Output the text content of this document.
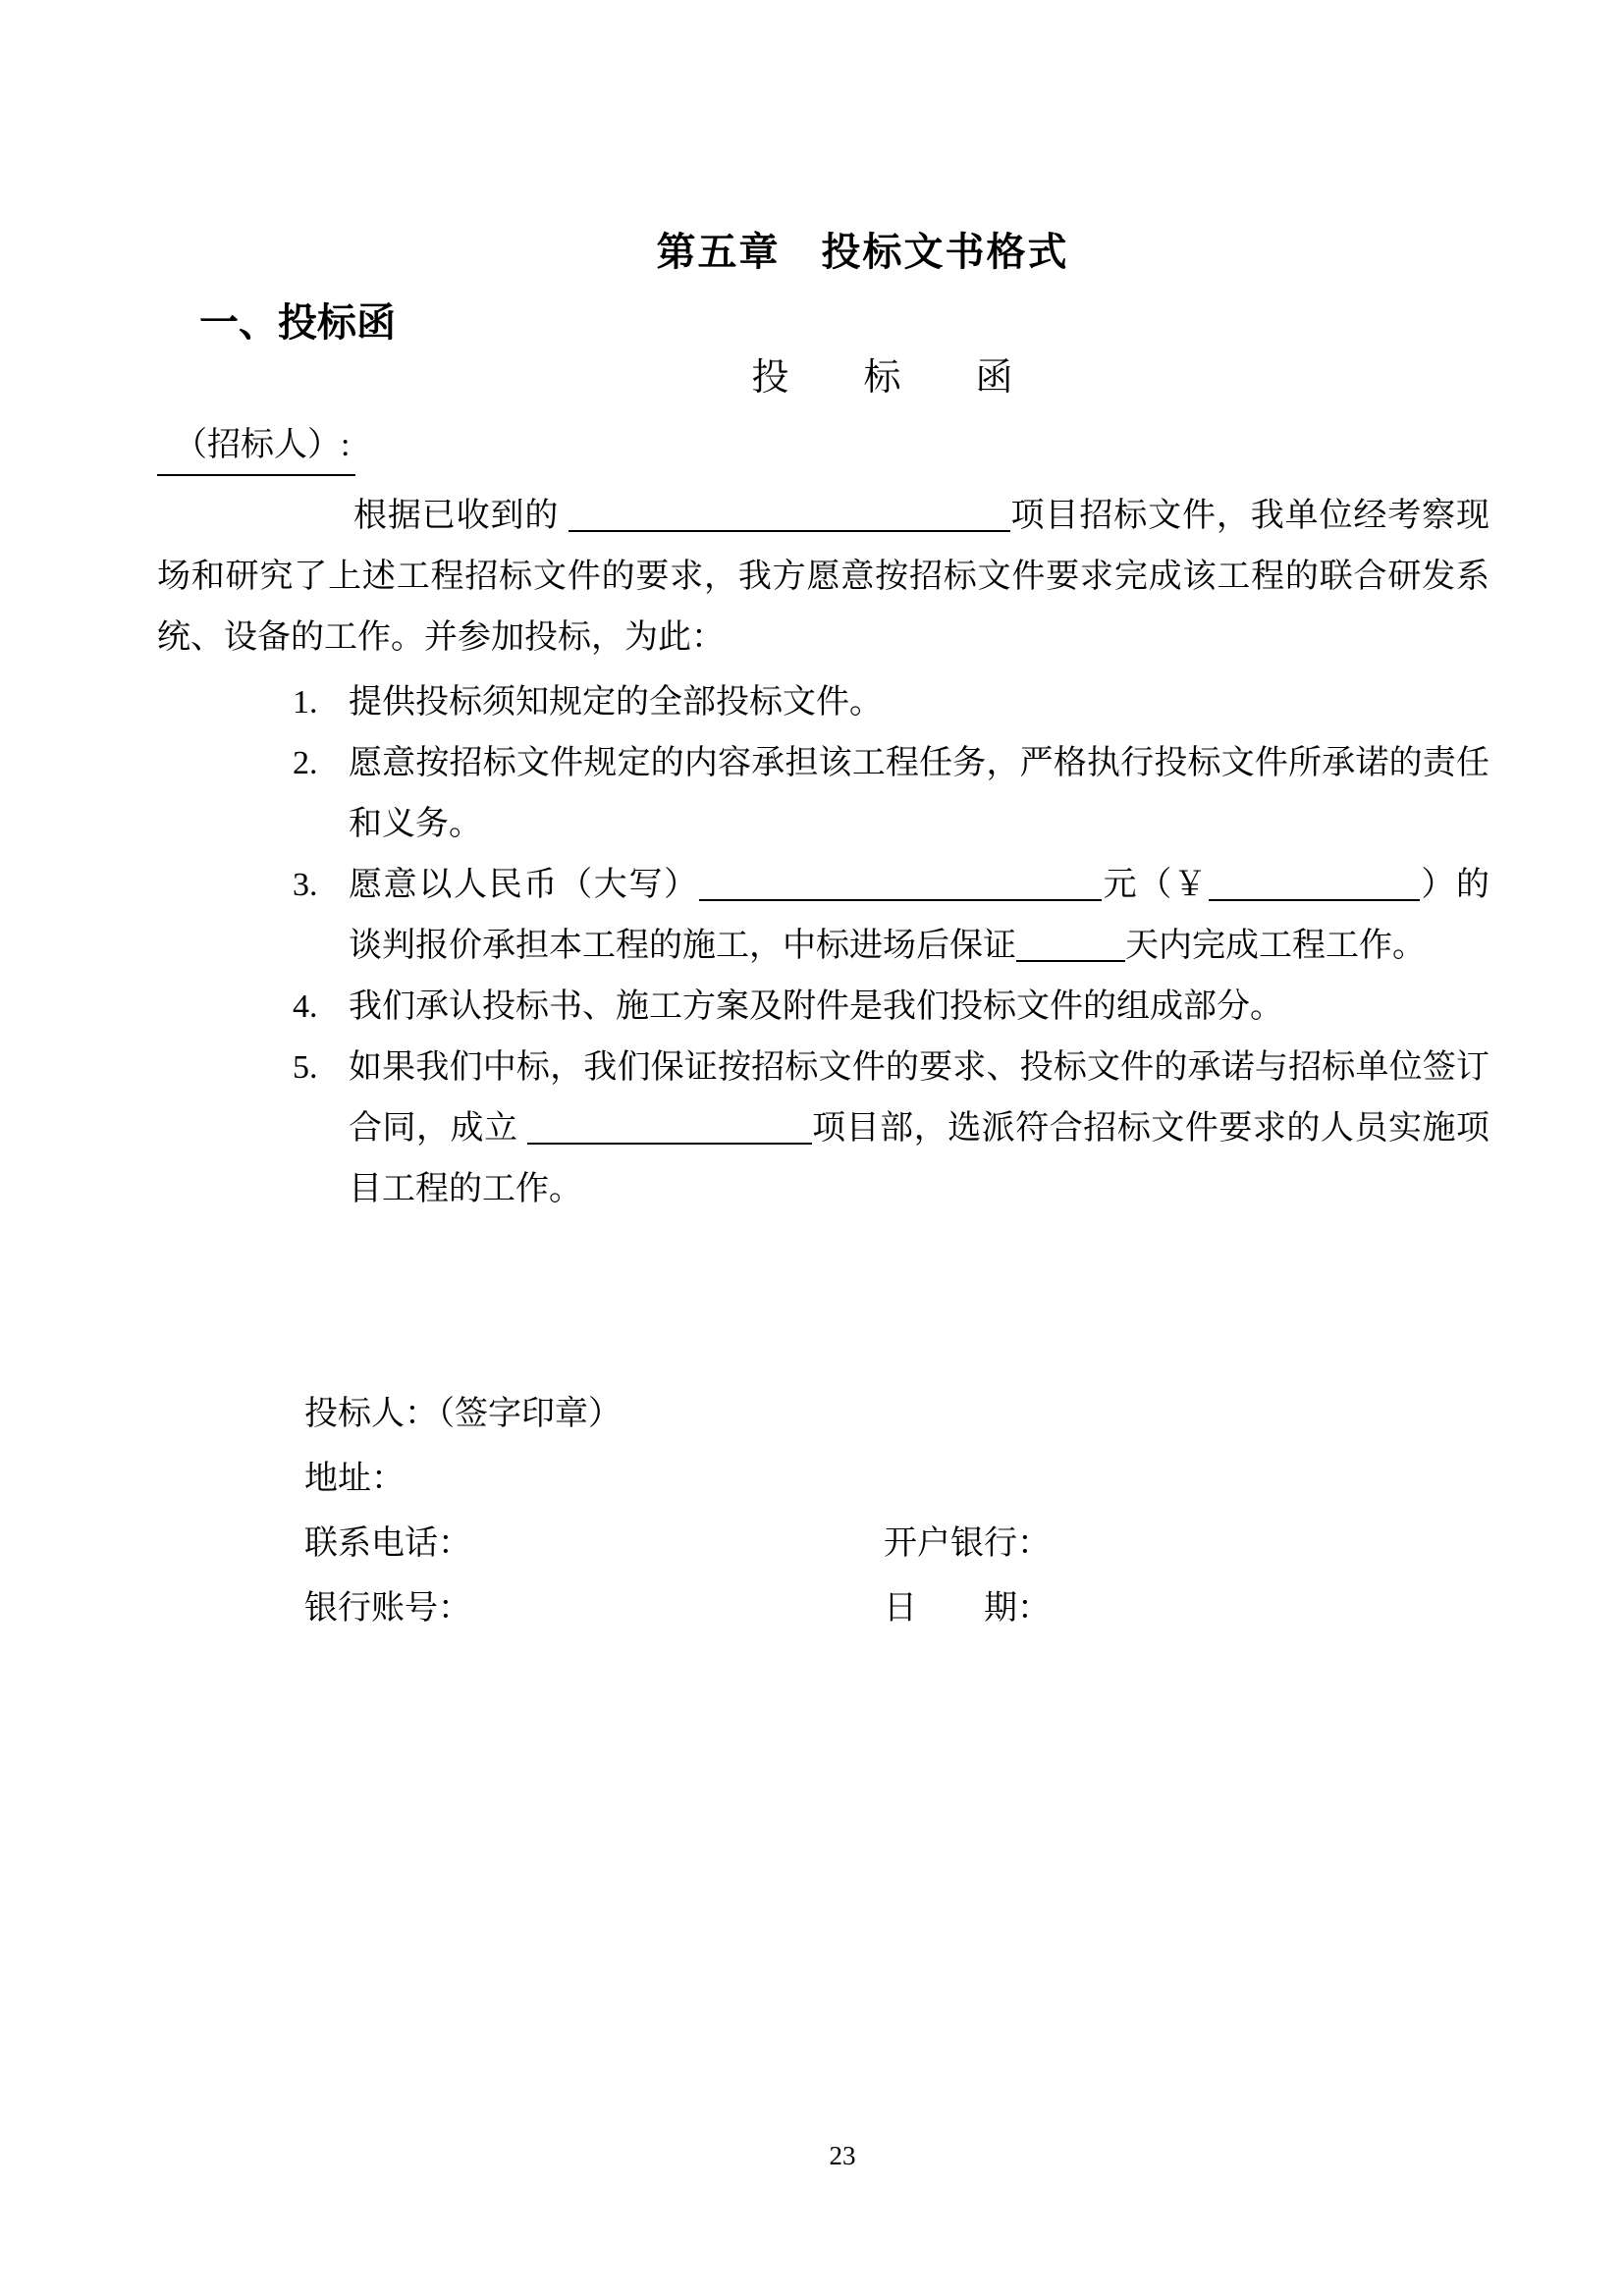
第五章　投标文书格式
一、投标函
投　　标　　函
　（招标人）:
根据已收到的	项目招标文件，我单位经考察现场和研究了上述工程招标文件的要求，我方愿意按招标文件要求完成该工程的联合研发系统、设备的工作。并参加投标，为此：
1. 提供投标须知规定的全部投标文件。
2. 愿意按招标文件规定的内容承担该工程任务，严格执行投标文件所承诺的责任和义务。
3. 愿意以人民币（大写）	元（￥	）的谈判报价承担本工程的施工，中标进场后保证	天内完成工程工作。
4. 我们承认投标书、施工方案及附件是我们投标文件的组成部分。
5. 如果我们中标，我们保证按招标文件的要求、投标文件的承诺与招标单位签订合同，成立	项目部，选派符合招标文件要求的人员实施项目工程的工作。
投标人：（签字印章）
地址：
联系电话：	开户银行：
银行账号：	日　　期：
23
